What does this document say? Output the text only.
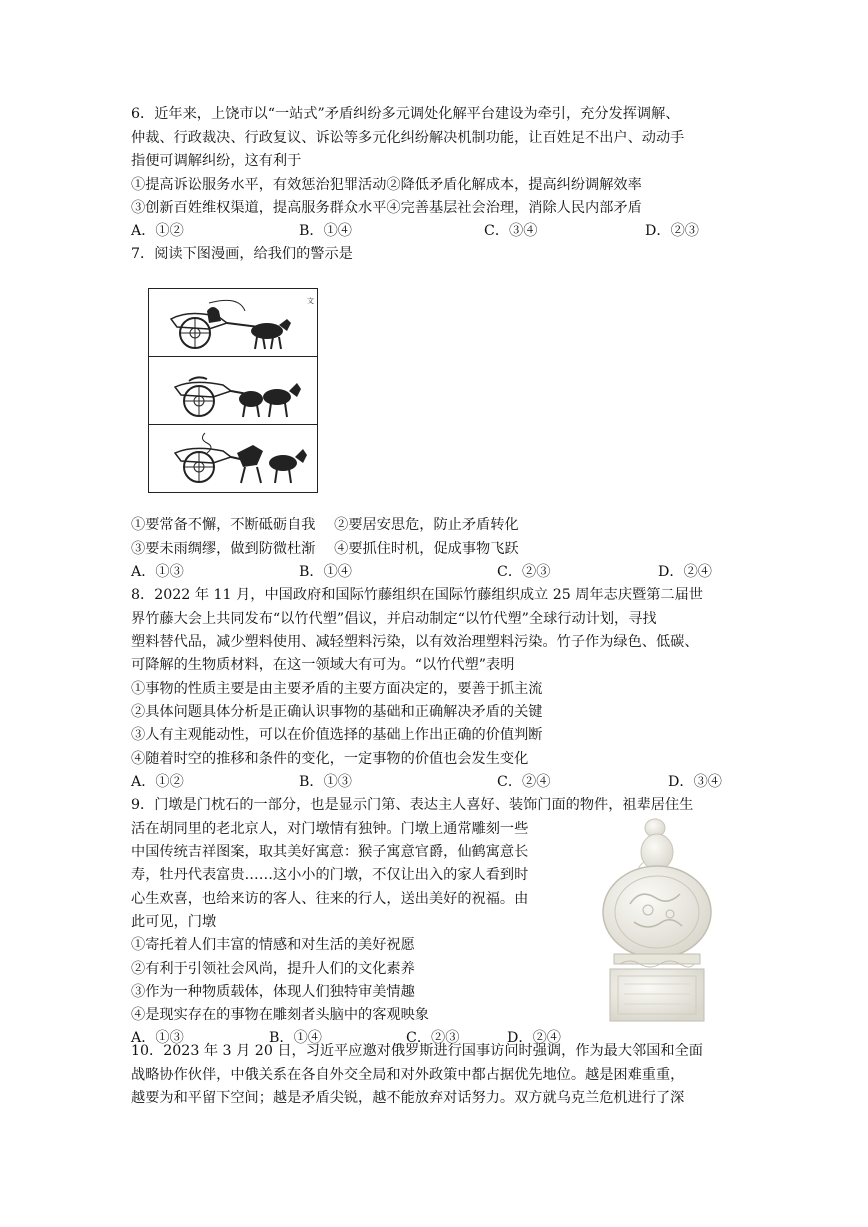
6．近年来，上饶市以“一站式”矛盾纠纷多元调处化解平台建设为牵引，充分发挥调解、
仲裁、行政裁决、行政复议、诉讼等多元化纠纷解决机制功能，让百姓足不出户、动动手
指便可调解纠纷，这有利于
①提高诉讼服务水平，有效惩治犯罪活动②降低矛盾化解成本，提高纠纷调解效率
③创新百姓维权渠道，提高服务群众水平④完善基层社会治理，消除人民内部矛盾
A．①②	B．①④	C．③④	D．②③
7．阅读下图漫画，给我们的警示是
文
①要常备不懈，不断砥砺自我　 ②要居安思危，防止矛盾转化
③要未雨绸缪，做到防微杜渐　 ④要抓住时机，促成事物飞跃
A．①③	B．①④	C．②③	D．②④
8．2022 年 11 月，中国政府和国际竹藤组织在国际竹藤组织成立 25 周年志庆暨第二届世
界竹藤大会上共同发布“以竹代塑”倡议，并启动制定“以竹代塑”全球行动计划，寻找
塑料替代品，减少塑料使用、减轻塑料污染，以有效治理塑料污染。竹子作为绿色、低碳、
可降解的生物质材料，在这一领域大有可为。“以竹代塑”表明
①事物的性质主要是由主要矛盾的主要方面决定的，要善于抓主流
②具体问题具体分析是正确认识事物的基础和正确解决矛盾的关键
③人有主观能动性，可以在价值选择的基础上作出正确的价值判断
④随着时空的推移和条件的变化，一定事物的价值也会发生变化
A．①②	B．①③	C．②④	D．③④
9．门墩是门枕石的一部分，也是显示门第、表达主人喜好、装饰门面的物件，祖辈居住生
活在胡同里的老北京人，对门墩情有独钟。门墩上通常雕刻一些
中国传统吉祥图案，取其美好寓意：猴子寓意官爵，仙鹤寓意长
寿，牡丹代表富贵……这小小的门墩，不仅让出入的家人看到时
心生欢喜，也给来访的客人、往来的行人，送出美好的祝福。由
此可见，门墩
①寄托着人们丰富的情感和对生活的美好祝愿
②有利于引领社会风尚，提升人们的文化素养
③作为一种物质载体，体现人们独特审美情趣
④是现实存在的事物在雕刻者头脑中的客观映象
A．①③	B．①④	C．②③	D．②④
10．2023 年 3 月 20 日，习近平应邀对俄罗斯进行国事访问时强调，作为最大邻国和全面
战略协作伙伴，中俄关系在各自外交全局和对外政策中都占据优先地位。越是困难重重，
越要为和平留下空间；越是矛盾尖锐，越不能放弃对话努力。双方就乌克兰危机进行了深
